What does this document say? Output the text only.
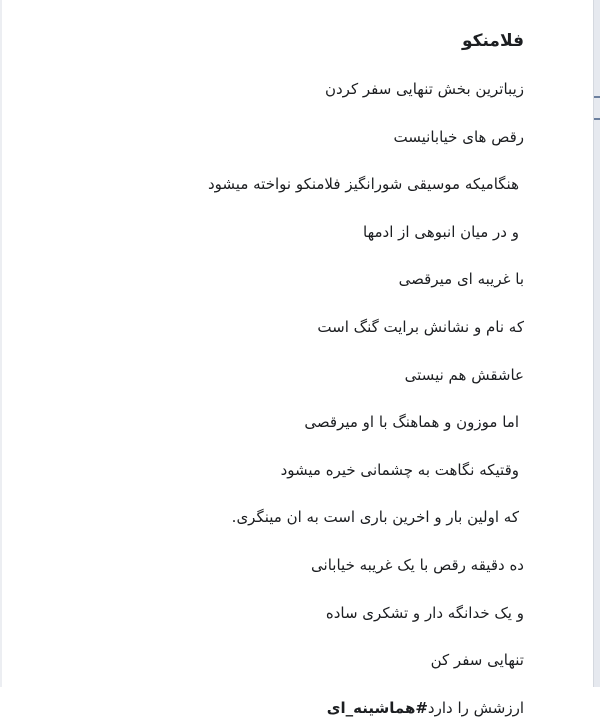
فلامنکو

زیباترین بخش تنهایی سفر کردن

رقص های خیابانیست

هنگامیکه موسیقی شورانگیز فلامنکو نواخته میشود

و در میان انبوهی از ادمها

با غریبه ای میرقصی

که نام و نشانش برایت گنگ است

عاشقش هم نیستی

اما موزون و هماهنگ با او میرقصی

وقتیکه نگاهت به چشمانی خیره میشود

که اولین بار و اخرین باری است به ان مینگری.

ده دقیقه رقص با یک غریبه خیابانی

و یک خدانگه دار و تشکری ساده

تنهایی سفر کن

ارزشش را دارد#هماشینه_ای
